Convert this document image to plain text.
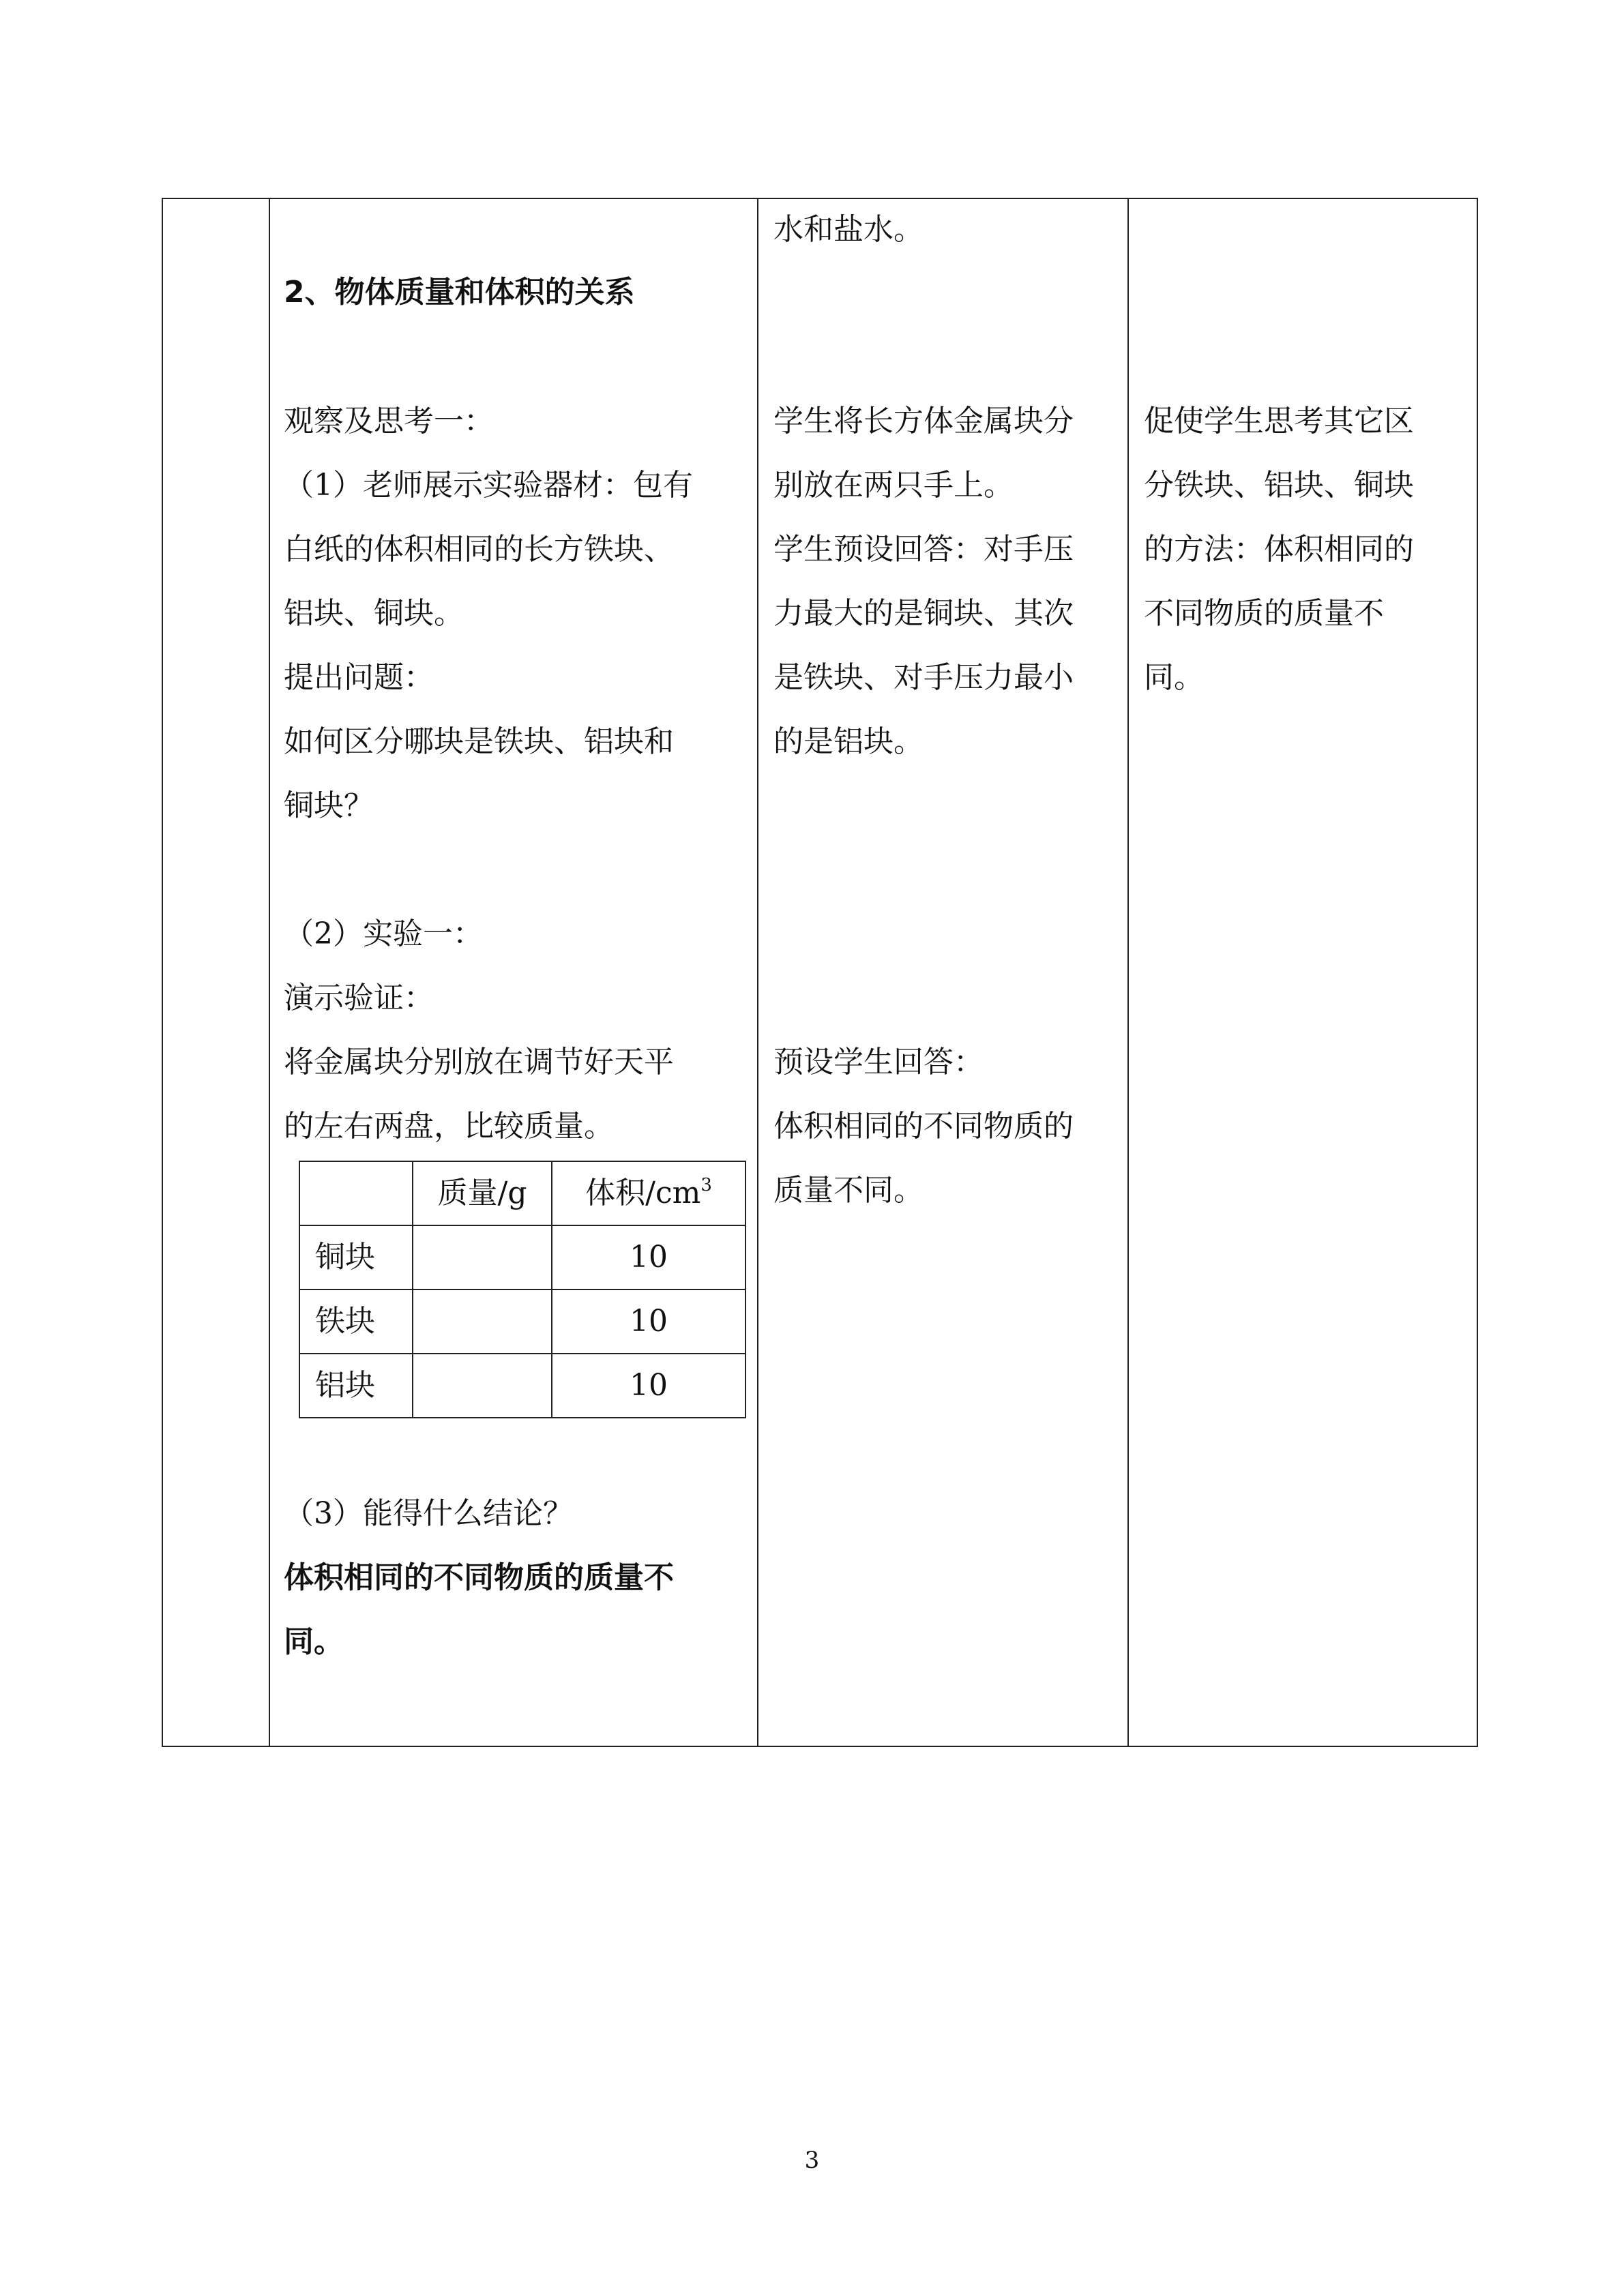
2、物体质量和体积的关系
观察及思考一：
（1）老师展示实验器材：包有
白纸的体积相同的长方铁块、
铝块、铜块。
提出问题：
如何区分哪块是铁块、铝块和
铜块？
（2）实验一：
演示验证：
将金属块分别放在调节好天平
的左右两盘，比较质量。
	质量/g	体积$/cm^3$
铜块		10
铁块		10
铝块		10
（3）能得什么结论？
体积相同的不同物质的质量不
同。

水和盐水。
学生将长方体金属块分
别放在两只手上。
学生预设回答：对手压
力最大的是铜块、其次
是铁块、对手压力最小
的是铝块。
预设学生回答：
体积相同的不同物质的
质量不同。

促使学生思考其它区
分铁块、铝块、铜块
的方法：体积相同的
不同物质的质量不
同。
3
